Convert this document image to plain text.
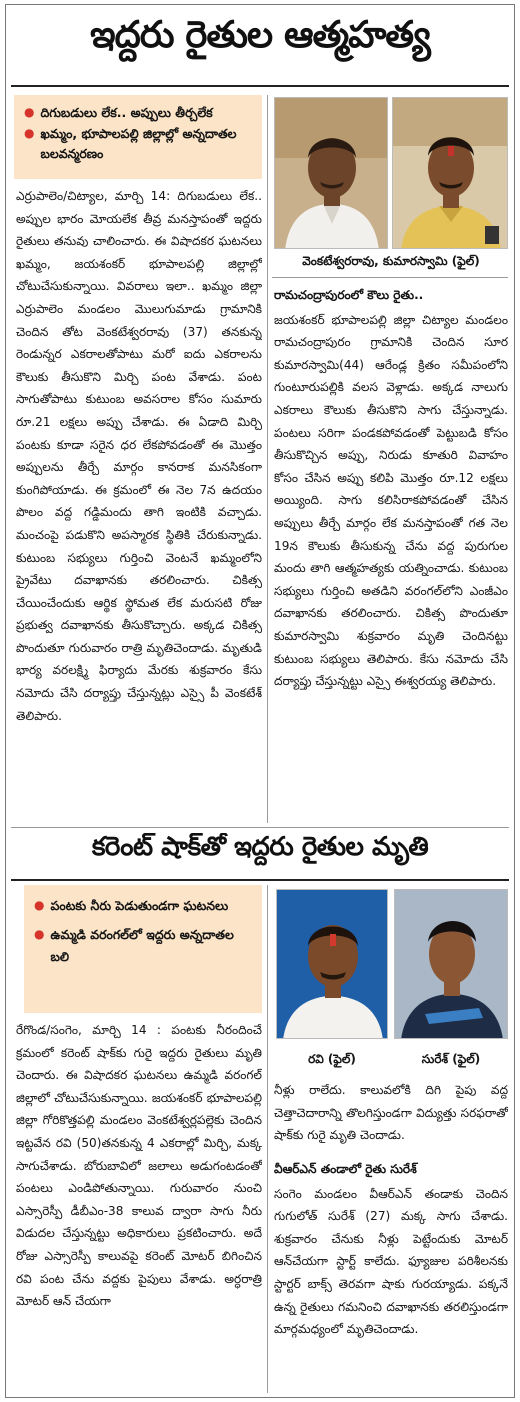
ఇద్దరు రైతుల ఆత్మహత్య
● దిగుబడులు లేక.. అప్పులు తీర్చలేక
● ఖమ్మం, భూపాలపల్లి జిల్లాల్లో అన్నదాతల బలవన్మరణం
వెంకటేశ్వరరావు, కుమారస్వామి (ఫైల్)

ఎర్రుపాలెం/చిట్యాల, మార్చి 14: దిగుబడులు లేక.. అప్పుల భారం మోయలేక తీవ్ర మనస్తాపంతో ఇద్దరు రైతులు తనువు చాలించారు. ఈ విషాదకర ఘటనలు ఖమ్మం, జయశంకర్ భూపాలపల్లి జిల్లాల్లో చోటుచేసుకున్నాయి. వివరాలు ఇలా.. ఖమ్మం జిల్లా ఎర్రుపాలెం మండలం మొలుగుమాడు గ్రామానికి చెందిన తోట వెంకటేశ్వరరావు (37) తనకున్న రెండున్నర ఎకరాలతోపాటు మరో ఐదు ఎకరాలను కౌలుకు తీసుకొని మిర్చి పంట వేశాడు. పంట సాగుతోపాటు కుటుంబ అవసరాల కోసం సుమారు రూ.21 లక్షలు అప్పు చేశాడు. ఈ ఏడాది మిర్చి పంటకు కూడా సరైన ధర లేకపోవడంతో ఈ మొత్తం అప్పులను తీర్చే మార్గం కానరాక మనసికంగా కుంగిపోయాడు. ఈ క్రమంలో ఈ నెల 7న ఉదయం పొలం వద్ద గడ్డిమందు తాగి ఇంటికి వచ్చాడు. మంచంపై పడుకొని అపస్మారక స్థితికి చేరుకున్నాడు. కుటుంబ సభ్యులు గుర్తించి వెంటనే ఖమ్మంలోని ప్రైవేటు దవాఖానకు తరలించారు. చికిత్స చేయించేందుకు ఆర్థిక స్థోమత లేక మరుసటి రోజు ప్రభుత్వ దవాఖానకు తీసుకొచ్చారు. అక్కడ చికిత్స పొందుతూ గురువారం రాత్రి మృతిచెందాడు. మృతుడి భార్య వరలక్ష్మి ఫిర్యాదు మేరకు శుక్రవారం కేసు నమోదు చేసి దర్యాప్తు చేస్తున్నట్లు ఎస్సై పీ వెంకటేశ్ తెలిపారు.

రామచంద్రాపురంలో కౌలు రైతు..

జయశంకర్ భూపాలపల్లి జిల్లా చిట్యాల మండలం రామచంద్రాపురం గ్రామానికి చెందిన సూర కుమారస్వామి(44) ఆరేండ్ల క్రితం సమీపంలోని గుంటూరుపల్లికి వలస వెళ్లాడు. అక్కడ నాలుగు ఎకరాలు కౌలుకు తీసుకొని సాగు చేస్తున్నాడు. పంటలు సరిగా పండకపోవడంతో పెట్టుబడి కోసం తీసుకొచ్చిన అప్పు, నిరుడు కూతురి వివాహం కోసం చేసిన అప్పు కలిపి మొత్తం రూ.12 లక్షలు అయ్యింది. సాగు కలిసిరాకపోవడంతో చేసిన అప్పులు తీర్చే మార్గం లేక మనస్తాపంతో గత నెల 19న కౌలుకు తీసుకున్న చేను వద్ద పురుగుల మందు తాగి ఆత్మహత్యకు యత్నించాడు. కుటుంబ సభ్యులు గుర్తించి అతడిని వరంగల్‌లోని ఎంజీఎం దవాఖానకు తరలించారు. చికిత్స పొందుతూ కుమారస్వామి శుక్రవారం మృతి చెందినట్టు కుటుంబ సభ్యులు తెలిపారు. కేసు నమోదు చేసి దర్యాప్తు చేస్తున్నట్టు ఎస్సై ఈశ్వరయ్య తెలిపారు.

కరెంట్ షాక్‌తో ఇద్దరు రైతుల మృతి
● పంటకు నీరు పెడుతుండగా ఘటనలు
● ఉమ్మడి వరంగల్‌లో ఇద్దరు అన్నదాతల బలి
రవి (ఫైల్)	సురేశ్ (ఫైల్)

రేగొండ/సంగెం, మార్చి 14 : పంటకు నీరందించే క్రమంలో కరెంట్ షాక్‌కు గురై ఇద్దరు రైతులు మృతి చెందారు. ఈ విషాదకర ఘటనలు ఉమ్మడి వరంగల్ జిల్లాలో చోటుచేసుకున్నాయి. జయశంకర్ భూపాలపల్లి జిల్లా గోరికొత్తపల్లి మండలం వెంకటేశ్వర్లపల్లెకు చెందిన ఇట్టవేన రవి (50)తనకున్న 4 ఎకరాల్లో మిర్చి, మక్క సాగుచేశాడు. బోరుబావిలో జలాలు అడుగంటడంతో పంటలు ఎండిపోతున్నాయి. గురువారం నుంచి ఎస్సారెస్పీ డీబీఎం-38 కాలువ ద్వారా సాగు నీరు విడుదల చేస్తున్నట్టు అధికారులు ప్రకటించారు. అదే రోజు ఎస్సారెస్పీ కాలువపై కరెంట్ మోటర్ బిగించిన రవి పంట చేను వద్దకు పైపులు వేశాడు. అర్ధరాత్రి మోటర్ ఆన్ చేయగా

నీళ్లు రాలేదు. కాలువలోకి దిగి పైపు వద్ద చెత్తాచెదారాన్ని తొలగిస్తుండగా విద్యుత్తు సరఫరాతో షాక్‌కు గురై మృతి చెందాడు.

వీఆర్‌ఎన్ తండాలో రైతు సురేశ్

సంగెం మండలం వీఆర్‌ఎన్ తండాకు చెందిన గుగులోత్ సురేశ్ (27) మక్క సాగు చేశాడు. శుక్రవారం చేనుకు నీళ్లు పెట్టేందుకు మోటర్ ఆన్‌చేయగా స్టార్ట్ కాలేదు. ఫ్యూజుల పరిశీలనకు స్టార్టర్ బాక్స్ తెరవగా షాకు గురయ్యాడు. పక్కనే ఉన్న రైతులు గమనించి దవాఖానకు తరలిస్తుండగా మార్గమధ్యంలో మృతిచెందాడు.
